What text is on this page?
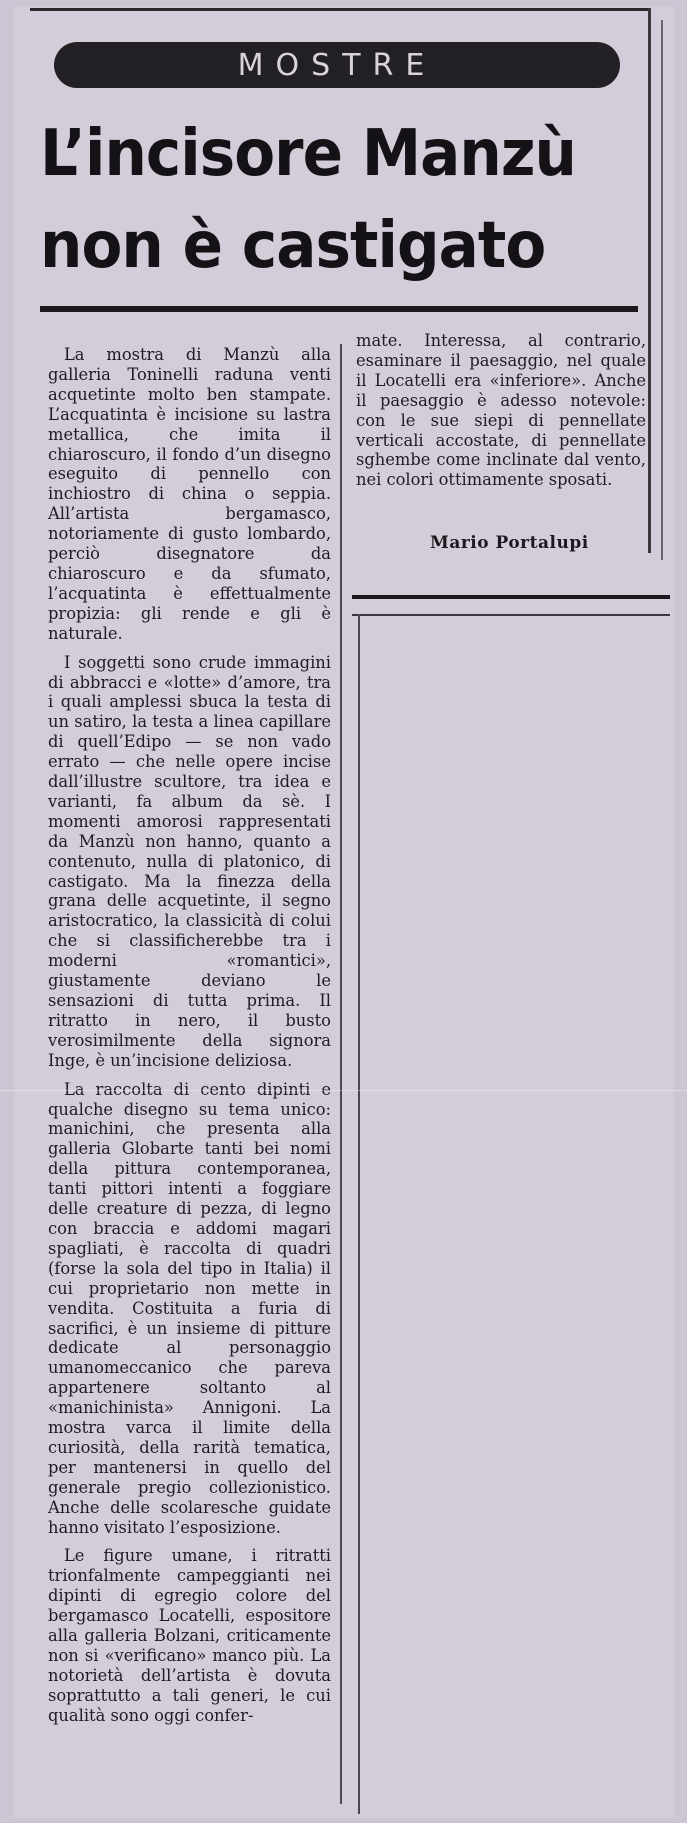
MOSTRE
L’incisore Manzù
non è castigato

La mostra di Manzù alla galleria Toninelli raduna venti acquetinte molto ben stampate. L’acquatinta è incisione su lastra metallica, che imita il chiaroscuro, il fondo d’un disegno eseguito di pennello con inchiostro di china o seppia. All’artista bergamasco, notoriamente di gusto lombardo, perciò disegnatore da chiaroscuro e da sfumato, l’acquatinta è effettualmente propizia: gli rende e gli è naturale.

I soggetti sono crude immagini di abbracci e «lotte» d’amore, tra i quali amplessi sbuca la testa di un satiro, la testa a linea capillare di quell’Edipo — se non vado errato — che nelle opere incise dall’illustre scultore, tra idea e varianti, fa album da sè. I momenti amorosi rappresentati da Manzù non hanno, quanto a contenuto, nulla di platonico, di castigato. Ma la finezza della grana delle acquetinte, il segno aristocratico, la classicità di colui che si classificherebbe tra i moderni «romantici», giustamente deviano le sensazioni di tutta prima. Il ritratto in nero, il busto verosimilmente della signora Inge, è un’incisione deliziosa.

La raccolta di cento dipinti e qualche disegno su tema unico: manichini, che presenta alla galleria Globarte tanti bei nomi della pittura contemporanea, tanti pittori intenti a foggiare delle creature di pezza, di legno con braccia e addomi magari spagliati, è raccolta di quadri (forse la sola del tipo in Italia) il cui proprietario non mette in vendita. Costituita a furia di sacrifici, è un insieme di pitture dedicate al personaggio umanomeccanico che pareva appartenere soltanto al «manichinista» Annigoni. La mostra varca il limite della curiosità, della rarità tematica, per mantenersi in quello del generale pregio collezionistico. Anche delle scolaresche guidate hanno visitato l’esposizione.

Le figure umane, i ritratti trionfalmente campeggianti nei dipinti di egregio colore del bergamasco Locatelli, espositore alla galleria Bolzani, criticamente non si «verificano» manco più. La notorietà dell’artista è dovuta soprattutto a tali generi, le cui qualità sono oggi confer-

mate. Interessa, al contrario, esaminare il paesaggio, nel quale il Locatelli era «inferiore». Anche il paesaggio è adesso notevole: con le sue siepi di pennellate verticali accostate, di pennellate sghembe come inclinate dal vento, nei colori ottimamente sposati.

Mario Portalupi
